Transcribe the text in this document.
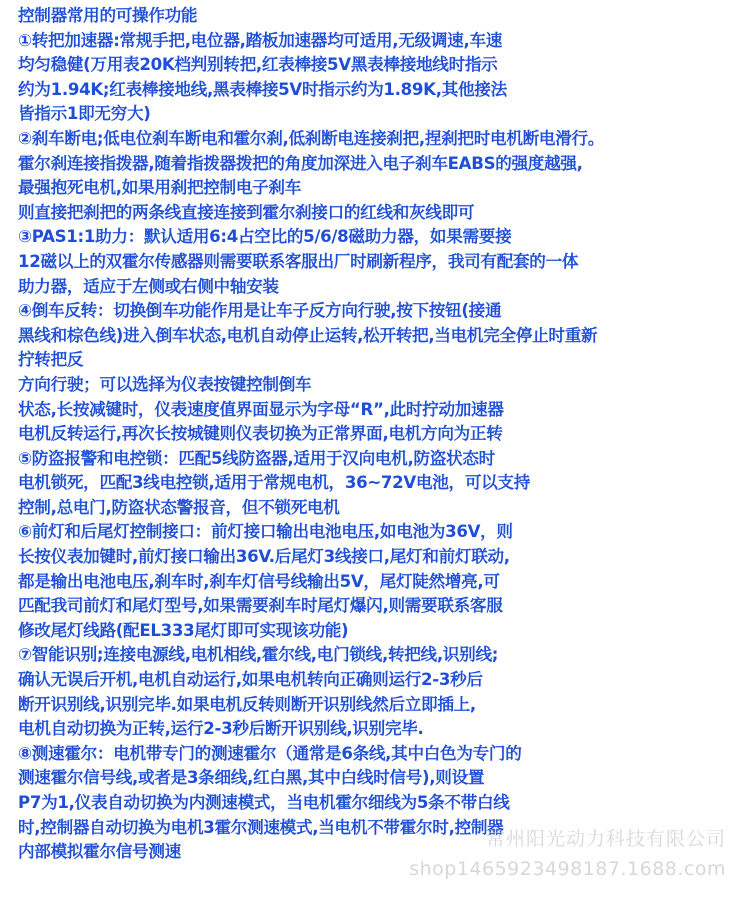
控制器常用的可操作功能
①转把加速器:常规手把,电位器,踏板加速器均可适用,无级调速,车速
均匀稳健(万用表20K档判别转把,红表棒接5V黑表棒接地线时指示
约为1.94K;红表棒接地线,黑表棒接5V时指示约为1.89K,其他接法
皆指示1即无穷大)
②刹车断电;低电位刹车断电和霍尔刹,低刹断电连接刹把,捏刹把时电机断电滑行。
霍尔刹连接指拨器,随着指拨器拨把的角度加深进入电子刹车EABS的强度越强,
最强抱死电机,如果用刹把控制电子刹车
则直接把刹把的两条线直接连接到霍尔刹接口的红线和灰线即可
③PAS1:1助力：默认适用6:4占空比的5/6/8磁助力器，如果需要接
12磁以上的双霍尔传感器则需要联系客服出厂时刷新程序，我司有配套的一体
助力器，适应于左侧或右侧中轴安装
④倒车反转：切换倒车功能作用是让车子反方向行驶,按下按钮(接通
黑线和棕色线)进入倒车状态,电机自动停止运转,松开转把,当电机完全停止时重新
拧转把反
方向行驶；可以选择为仪表按键控制倒车
状态,长按减键时，仪表速度值界面显示为字母“R”,此时拧动加速器
电机反转运行,再次长按城键则仪表切换为正常界面,电机方向为正转
⑤防盗报警和电控锁：匹配5线防盗器,适用于汉向电机,防盗状态时
电机锁死，匹配3线电控锁,适用于常规电机，36~72V电池，可以支持
控制,总电门,防盗状态警报音，但不锁死电机
⑥前灯和后尾灯控制接口：前灯接口输出电池电压,如电池为36V，则
长按仪表加键时,前灯接口输出36V.后尾灯3线接口,尾灯和前灯联动,
都是输出电池电压,刹车时,刹车灯信号线输出5V，尾灯陡然增亮,可
匹配我司前灯和尾灯型号,如果需要刹车时尾灯爆闪,则需要联系客服
修改尾灯线路(配EL333尾灯即可实现该功能)
⑦智能识别;连接电源线,电机相线,霍尔线,电门锁线,转把线,识别线;
确认无误后开机,电机自动运行,如果电机转向正确则运行2-3秒后
断开识别线,识别完毕.如果电机反转则断开识别线然后立即插上,
电机自动切换为正转,运行2-3秒后断开识别线,识别完毕.
⑧测速霍尔：电机带专门的测速霍尔（通常是6条线,其中白色为专门的
测速霍尔信号线,或者是3条细线,红白黑,其中白线时信号),则设置
P7为1,仪表自动切换为内测速模式，当电机霍尔细线为5条不带白线
时,控制器自动切换为电机3霍尔测速模式,当电机不带霍尔时,控制器
内部模拟霍尔信号测速
常州阳光动力科技有限公司
shop1465923498187.1688.com
